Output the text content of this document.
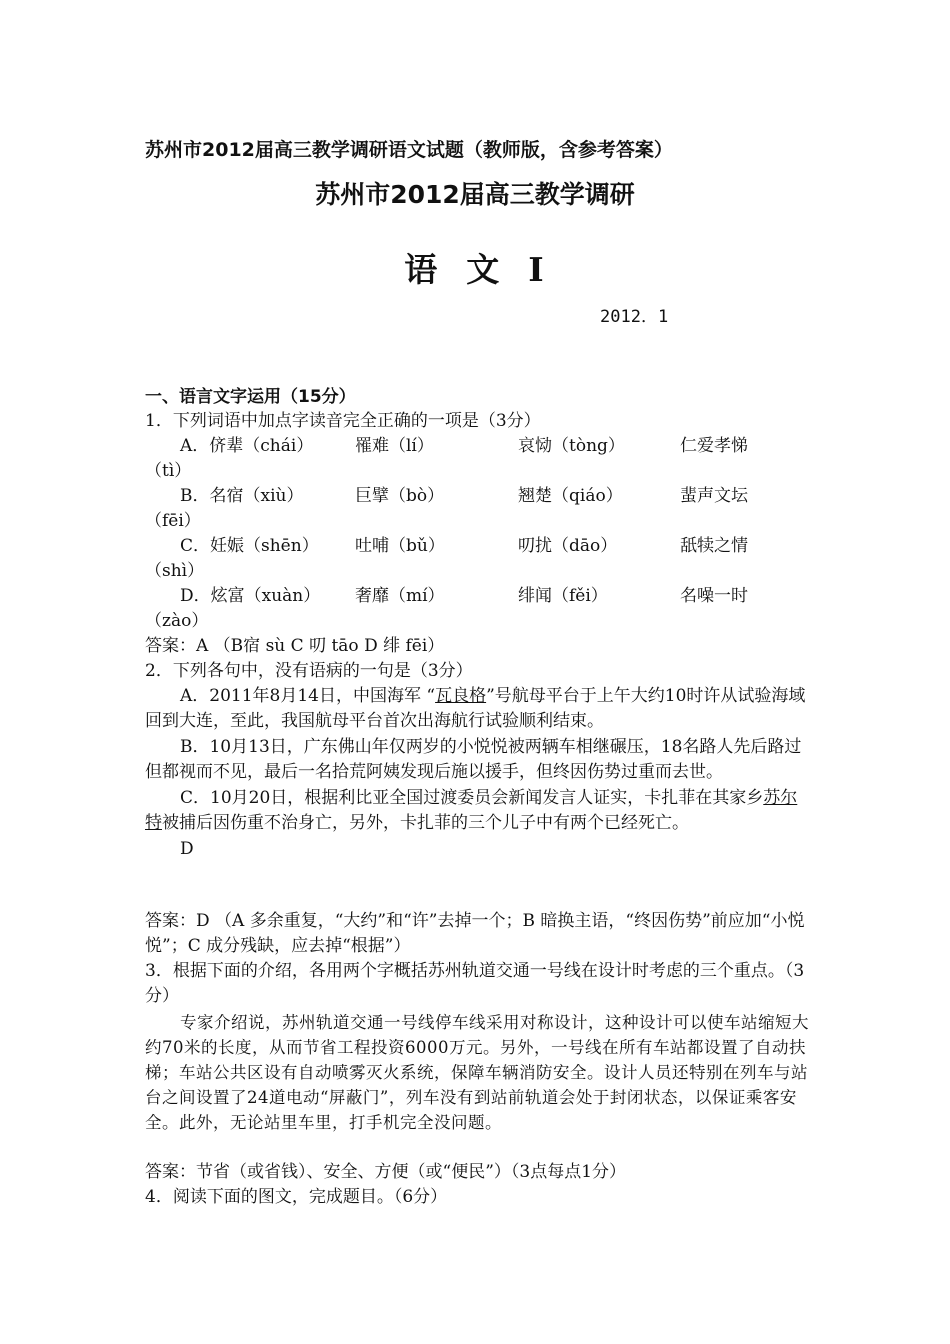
苏州市2012届高三教学调研语文试题（教师版，含参考答案）
苏州市2012届高三教学调研
语  文  Ⅰ
2012．1
一、语言文字运用（15分）
1．下列词语中加点字读音完全正确的一项是（3分）
A．侪辈（chái） 罹难（lí）	哀恸（tòng）	仁爱孝悌
（tì）
B．名宿（xiù）	巨擘（bò）	翘楚（qiáo）	蜚声文坛
（fēi）
C．妊娠（shēn） 吐哺（bǔ）	叨扰（dāo）	舐犊之情
（shì）
D．炫富（xuàn） 奢靡（mí）	绯闻（fěi）	名噪一时
（zào）
答案：A （B宿 sù C 叨 tāo D 绯 fēi）
2．下列各句中，没有语病的一句是（3分）

A．2011年8月14日，中国海军 “瓦良格”号航母平台于上午大约10时许从试验海域回到大连，至此，我国航母平台首次出海航行试验顺利结束。

B．10月13日，广东佛山年仅两岁的小悦悦被两辆车相继碾压，18名路人先后路过但都视而不见，最后一名拾荒阿姨发现后施以援手，但终因伤势过重而去世。

C．10月20日，根据利比亚全国过渡委员会新闻发言人证实，卡扎菲在其家乡苏尔特被捕后因伤重不治身亡，另外，卡扎菲的三个儿子中有两个已经死亡。

D

答案：D （A 多余重复，“大约”和“许”去掉一个；B 暗换主语，“终因伤势”前应加“小悦悦”；C 成分残缺，应去掉“根据”）

3．根据下面的介绍，各用两个字概括苏州轨道交通一号线在设计时考虑的三个重点。（3分）

专家介绍说，苏州轨道交通一号线停车线采用对称设计，这种设计可以使车站缩短大约70米的长度，从而节省工程投资6000万元。另外，一号线在所有车站都设置了自动扶梯；车站公共区设有自动喷雾灭火系统，保障车辆消防安全。设计人员还特别在列车与站台之间设置了24道电动“屏蔽门”，列车没有到站前轨道会处于封闭状态，以保证乘客安全。此外，无论站里车里，打手机完全没问题。

答案：节省（或省钱）、安全、方便（或“便民”）（3点每点1分）
4．阅读下面的图文，完成题目。（6分）
